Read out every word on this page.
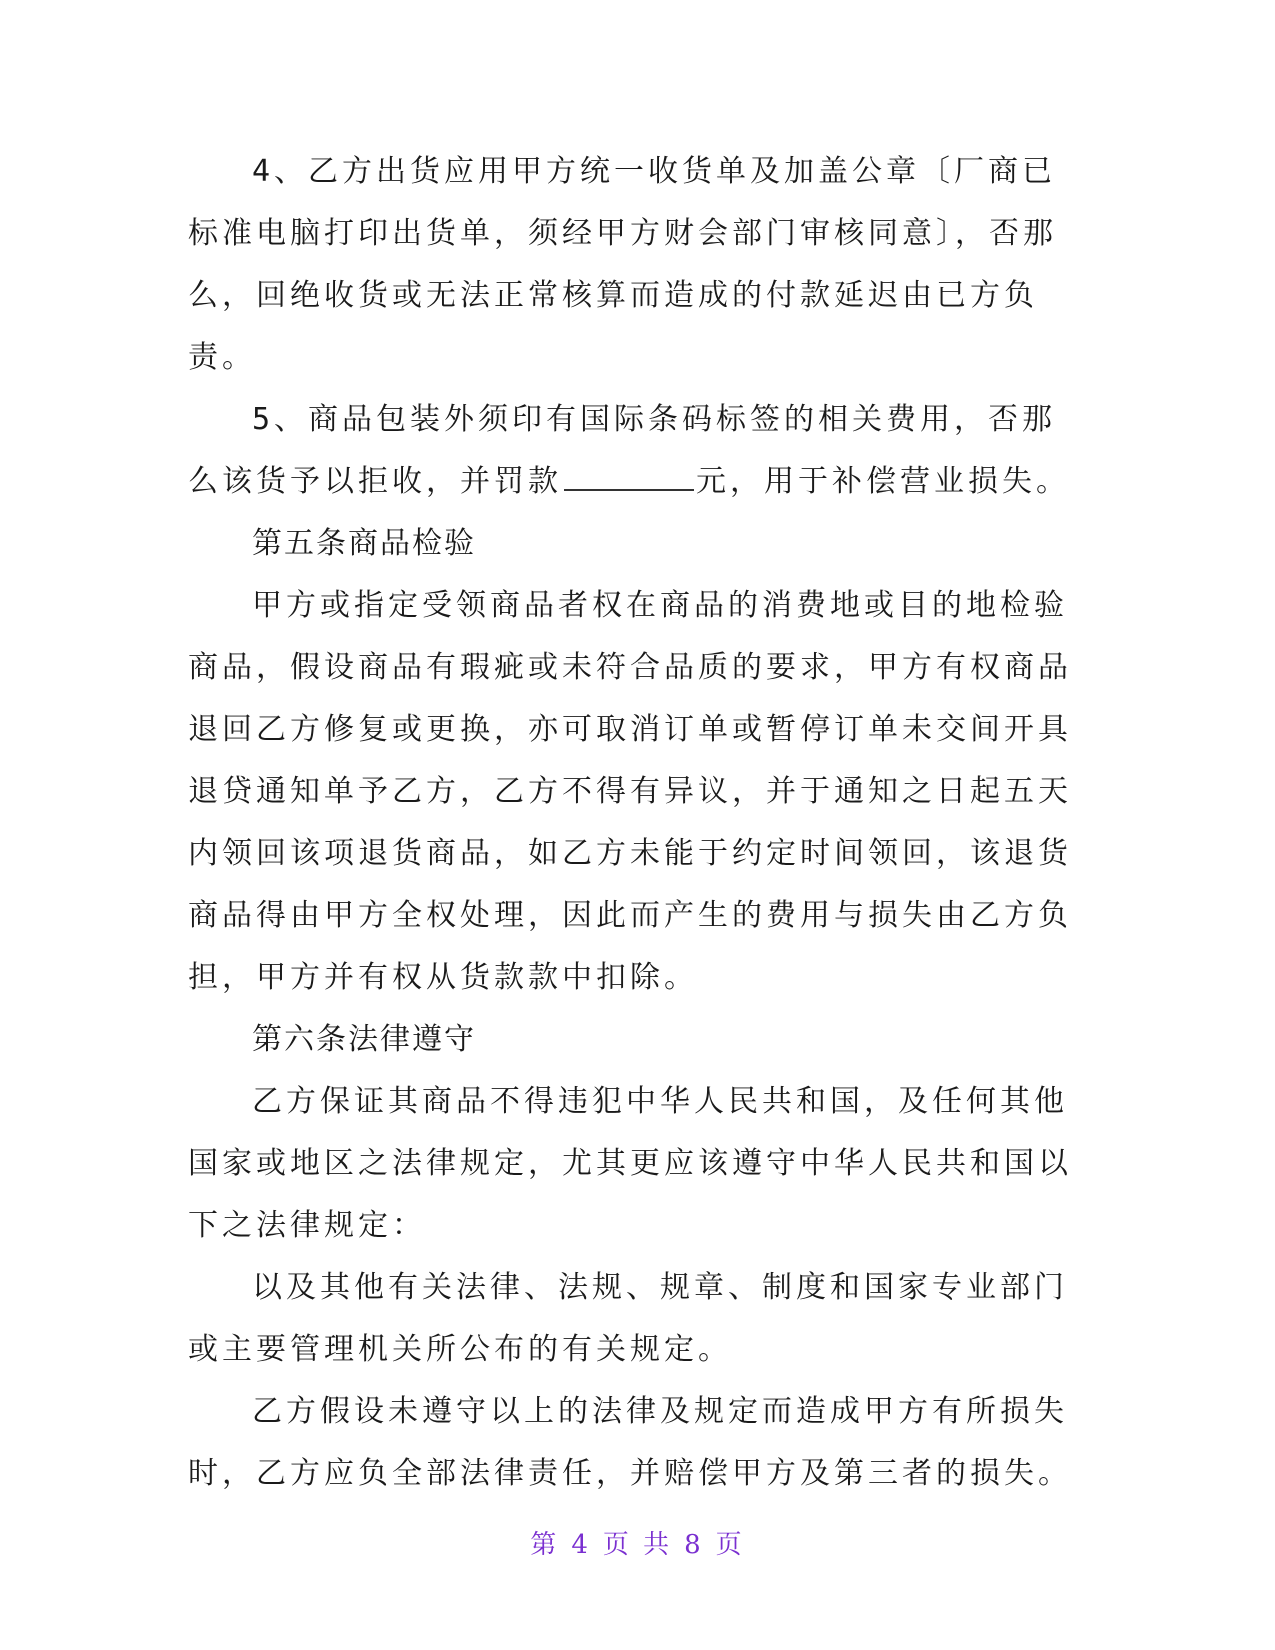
4、乙方出货应用甲方统一收货单及加盖公章〔厂商已标准电脑打印出货单，须经甲方财会部门审核同意〕，否那么，回绝收货或无法正常核算而造成的付款延迟由已方负责。

5、商品包装外须印有国际条码标签的相关费用，否那么该货予以拒收，并罚款	元，用于补偿营业损失。

第五条商品检验

甲方或指定受领商品者权在商品的消费地或目的地检验商品，假设商品有瑕疵或未符合品质的要求，甲方有权商品退回乙方修复或更换，亦可取消订单或暂停订单未交间开具退贷通知单予乙方，乙方不得有异议，并于通知之日起五天内领回该项退货商品，如乙方未能于约定时间领回，该退货商品得由甲方全权处理，因此而产生的费用与损失由乙方负担，甲方并有权从货款款中扣除。

第六条法律遵守

乙方保证其商品不得违犯中华人民共和国，及任何其他国家或地区之法律规定，尤其更应该遵守中华人民共和国以下之法律规定：

以及其他有关法律、法规、规章、制度和国家专业部门或主要管理机关所公布的有关规定。

乙方假设未遵守以上的法律及规定而造成甲方有所损失时，乙方应负全部法律责任，并赔偿甲方及第三者的损失。

第 4 页 共 8 页
